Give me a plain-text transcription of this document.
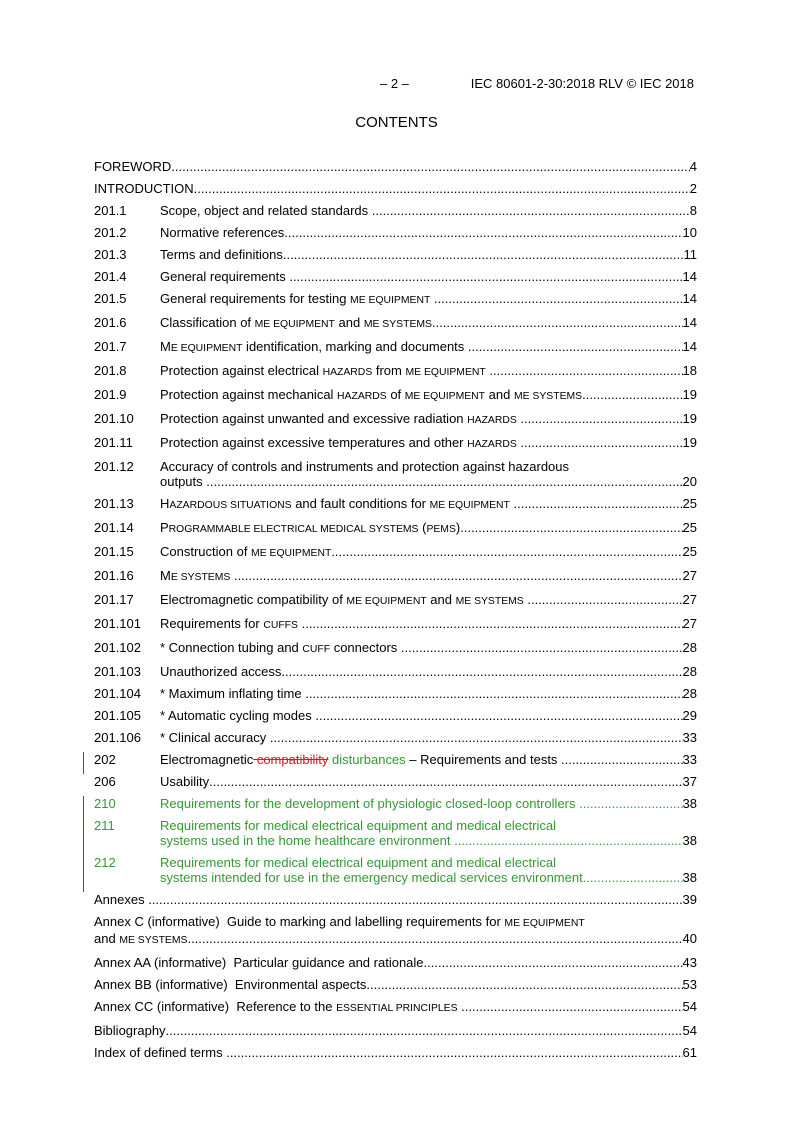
– 2 –	IEC 80601-2-30:2018 RLV © IEC 2018
CONTENTS
FOREWORD .....	4
INTRODUCTION .....	2
201.1	Scope, object and related standards .....	8
201.2	Normative references .....	10
201.3	Terms and definitions .....	11
201.4	General requirements .....	14
201.5	General requirements for testing ME EQUIPMENT .....	14
201.6	Classification of ME EQUIPMENT and ME SYSTEMS .....	14
201.7	ME EQUIPMENT identification, marking and documents .....	14
201.8	Protection against electrical HAZARDS from ME EQUIPMENT .....	18
201.9	Protection against mechanical HAZARDS of ME EQUIPMENT and ME SYSTEMS .....	19
201.10	Protection against unwanted and excessive radiation HAZARDS .....	19
201.11	Protection against excessive temperatures and other HAZARDS .....	19
201.12	Accuracy of controls and instruments and protection against hazardous
outputs .....	20
201.13	HAZARDOUS SITUATIONS and fault conditions for ME EQUIPMENT .....	25
201.14	PROGRAMMABLE ELECTRICAL MEDICAL SYSTEMS (PEMS) .....	25
201.15	Construction of ME EQUIPMENT .....	25
201.16	ME SYSTEMS .....	27
201.17	Electromagnetic compatibility of ME EQUIPMENT and ME SYSTEMS .....	27
201.101	Requirements for CUFFS .....	27
201.102	* Connection tubing and CUFF connectors .....	28
201.103	Unauthorized access .....	28
201.104	* Maximum inflating time .....	28
201.105	* Automatic cycling modes .....	29
201.106	* Clinical accuracy .....	33
202	Electromagnetic compatibility disturbances – Requirements and tests .....	33
206	Usability .....	37
210	Requirements for the development of physiologic closed-loop controllers .....	38
211	Requirements for medical electrical equipment and medical electrical
systems used in the home healthcare environment .....	38
212	Requirements for medical electrical equipment and medical electrical
systems intended for use in the emergency medical services environment .....	38
Annexes .....	39
Annex C (informative)  Guide to marking and labelling requirements for ME EQUIPMENT
and ME SYSTEMS .....	40
Annex AA (informative)  Particular guidance and rationale .....	43
Annex BB (informative)  Environmental aspects .....	53
Annex CC (informative)  Reference to the ESSENTIAL PRINCIPLES .....	54
Bibliography .....	54
Index of defined terms .....	61
